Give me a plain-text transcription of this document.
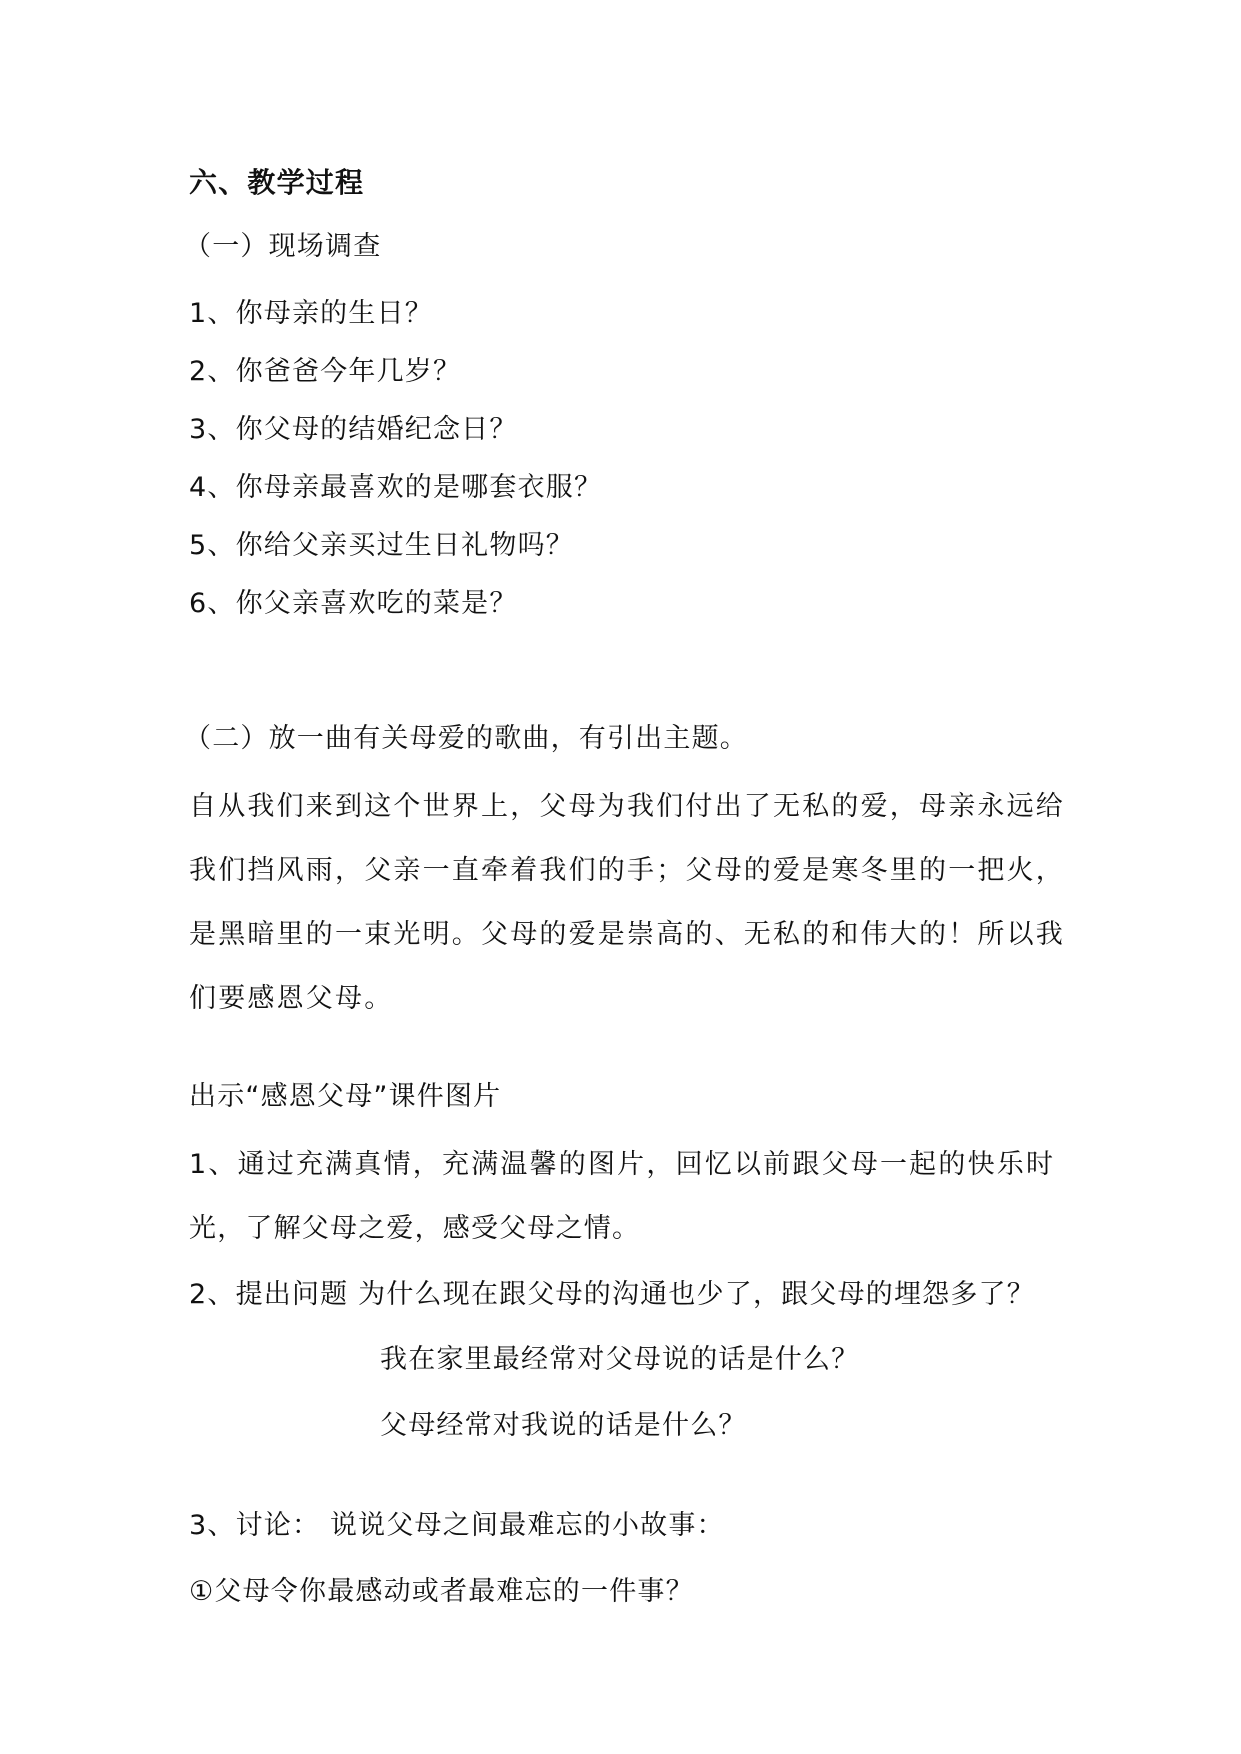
六、教学过程
（一）现场调查
1、你母亲的生日？
2、你爸爸今年几岁？
3、你父母的结婚纪念日？
4、你母亲最喜欢的是哪套衣服？
5、你给父亲买过生日礼物吗？
6、你父亲喜欢吃的菜是？
（二）放一曲有关母爱的歌曲，有引出主题。
自从我们来到这个世界上，父母为我们付出了无私的爱，母亲永远给
我们挡风雨，父亲一直牵着我们的手；父母的爱是寒冬里的一把火，
是黑暗里的一束光明。父母的爱是崇高的、无私的和伟大的！所以我
们要感恩父母。
出示“感恩父母”课件图片
1、通过充满真情，充满温馨的图片，回忆以前跟父母一起的快乐时
光，了解父母之爱，感受父母之情。
2、提出问题 为什么现在跟父母的沟通也少了，跟父母的埋怨多了？
我在家里最经常对父母说的话是什么？
父母经常对我说的话是什么？
3、讨论： 说说父母之间最难忘的小故事：
①父母令你最感动或者最难忘的一件事？
